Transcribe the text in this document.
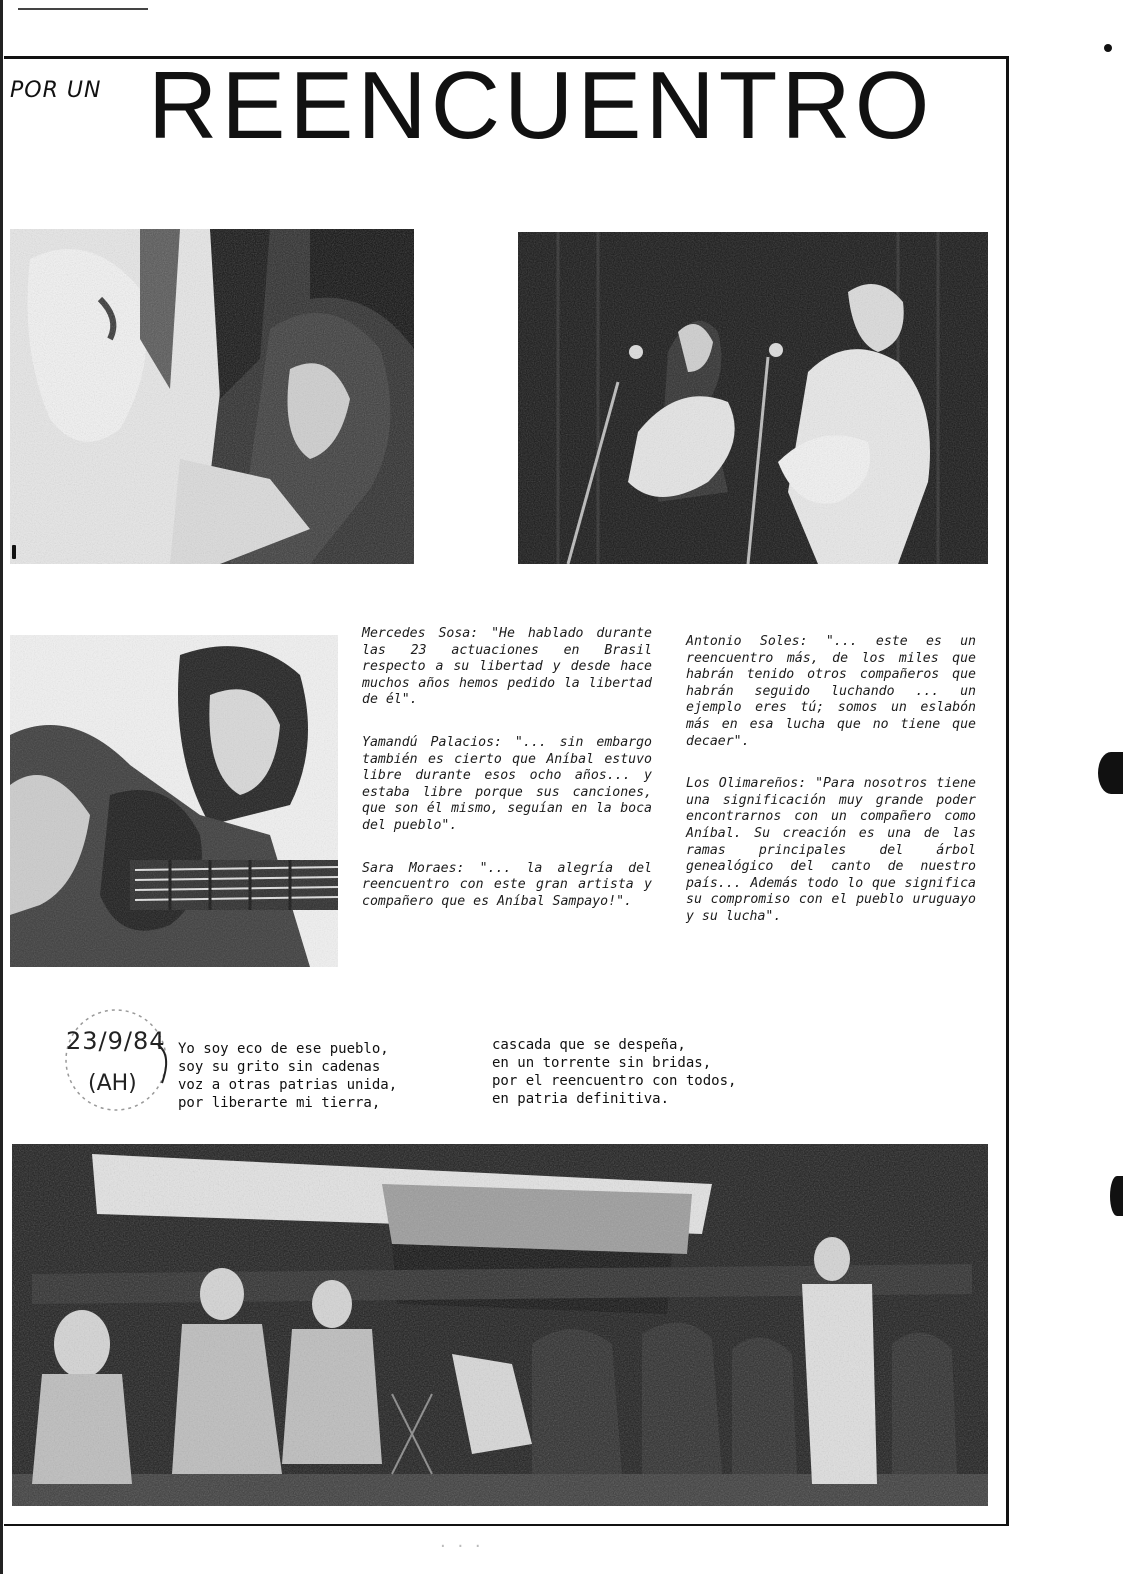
POR UN REENCUENTRO

Mercedes Sosa: "He hablado durante las 23 actuaciones en Brasil respecto a su libertad y desde hace muchos años hemos pedido la libertad de él".

Yamandú Palacios: "... sin embargo también es cierto que Aníbal estuvo libre durante esos ocho años... y estaba libre porque sus canciones, que son él mismo, seguían en la boca del pueblo".

Sara Moraes: "... la alegría del reencuentro con este gran artista y compañero que es Aníbal Sampayo!".

Antonio Soles: "... este es un reencuentro más, de los miles que habrán tenido otros compañeros que habrán seguido luchando ... un ejemplo eres tú; somos un eslabón más en esa lucha que no tiene que decaer".

Los Olimareños: "Para nosotros tiene una significación muy grande poder encontrarnos con un compañero como Aníbal. Su creación es una de las ramas principales del árbol genealógico del canto de nuestro país... Además todo lo que significa su compromiso con el pueblo uruguayo y su lucha".

23/9/84
(AH)
Yo soy eco de ese pueblo,
soy su grito sin cadenas
voz a otras patrias unida,
por liberarte mi tierra,
cascada que se despeña,
en un torrente sin bridas,
por el reencuentro con todos,
en patria definitiva.
· · ·
